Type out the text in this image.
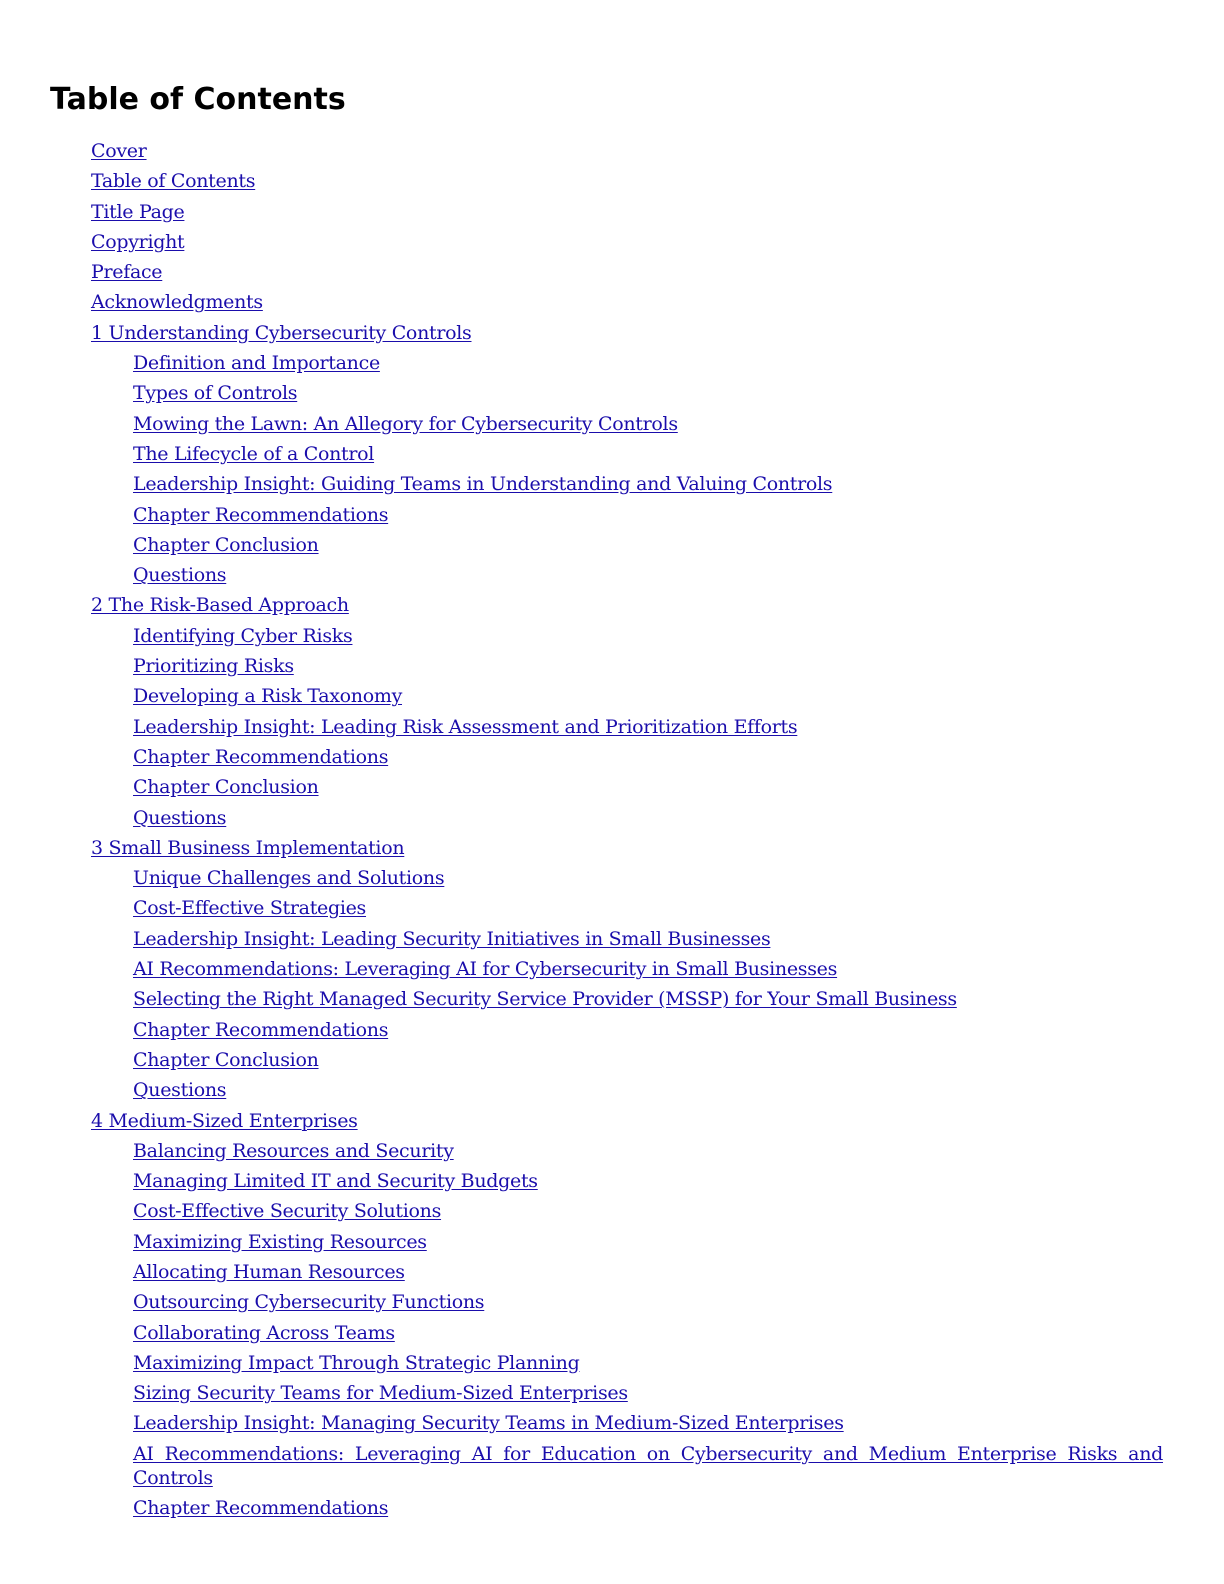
Table of Contents
Cover
Table of Contents
Title Page
Copyright
Preface
Acknowledgments
1 Understanding Cybersecurity Controls
Definition and Importance
Types of Controls
Mowing the Lawn: An Allegory for Cybersecurity Controls
The Lifecycle of a Control
Leadership Insight: Guiding Teams in Understanding and Valuing Controls
Chapter Recommendations
Chapter Conclusion
Questions
2 The Risk-Based Approach
Identifying Cyber Risks
Prioritizing Risks
Developing a Risk Taxonomy
Leadership Insight: Leading Risk Assessment and Prioritization Efforts
Chapter Recommendations
Chapter Conclusion
Questions
3 Small Business Implementation
Unique Challenges and Solutions
Cost-Effective Strategies
Leadership Insight: Leading Security Initiatives in Small Businesses
AI Recommendations: Leveraging AI for Cybersecurity in Small Businesses
Selecting the Right Managed Security Service Provider (MSSP) for Your Small Business
Chapter Recommendations
Chapter Conclusion
Questions
4 Medium-Sized Enterprises
Balancing Resources and Security
Managing Limited IT and Security Budgets
Cost-Effective Security Solutions
Maximizing Existing Resources
Allocating Human Resources
Outsourcing Cybersecurity Functions
Collaborating Across Teams
Maximizing Impact Through Strategic Planning
Sizing Security Teams for Medium-Sized Enterprises
Leadership Insight: Managing Security Teams in Medium-Sized Enterprises
AI Recommendations: Leveraging AI for Education on Cybersecurity and Medium Enterprise Risks and Controls
Chapter Recommendations
